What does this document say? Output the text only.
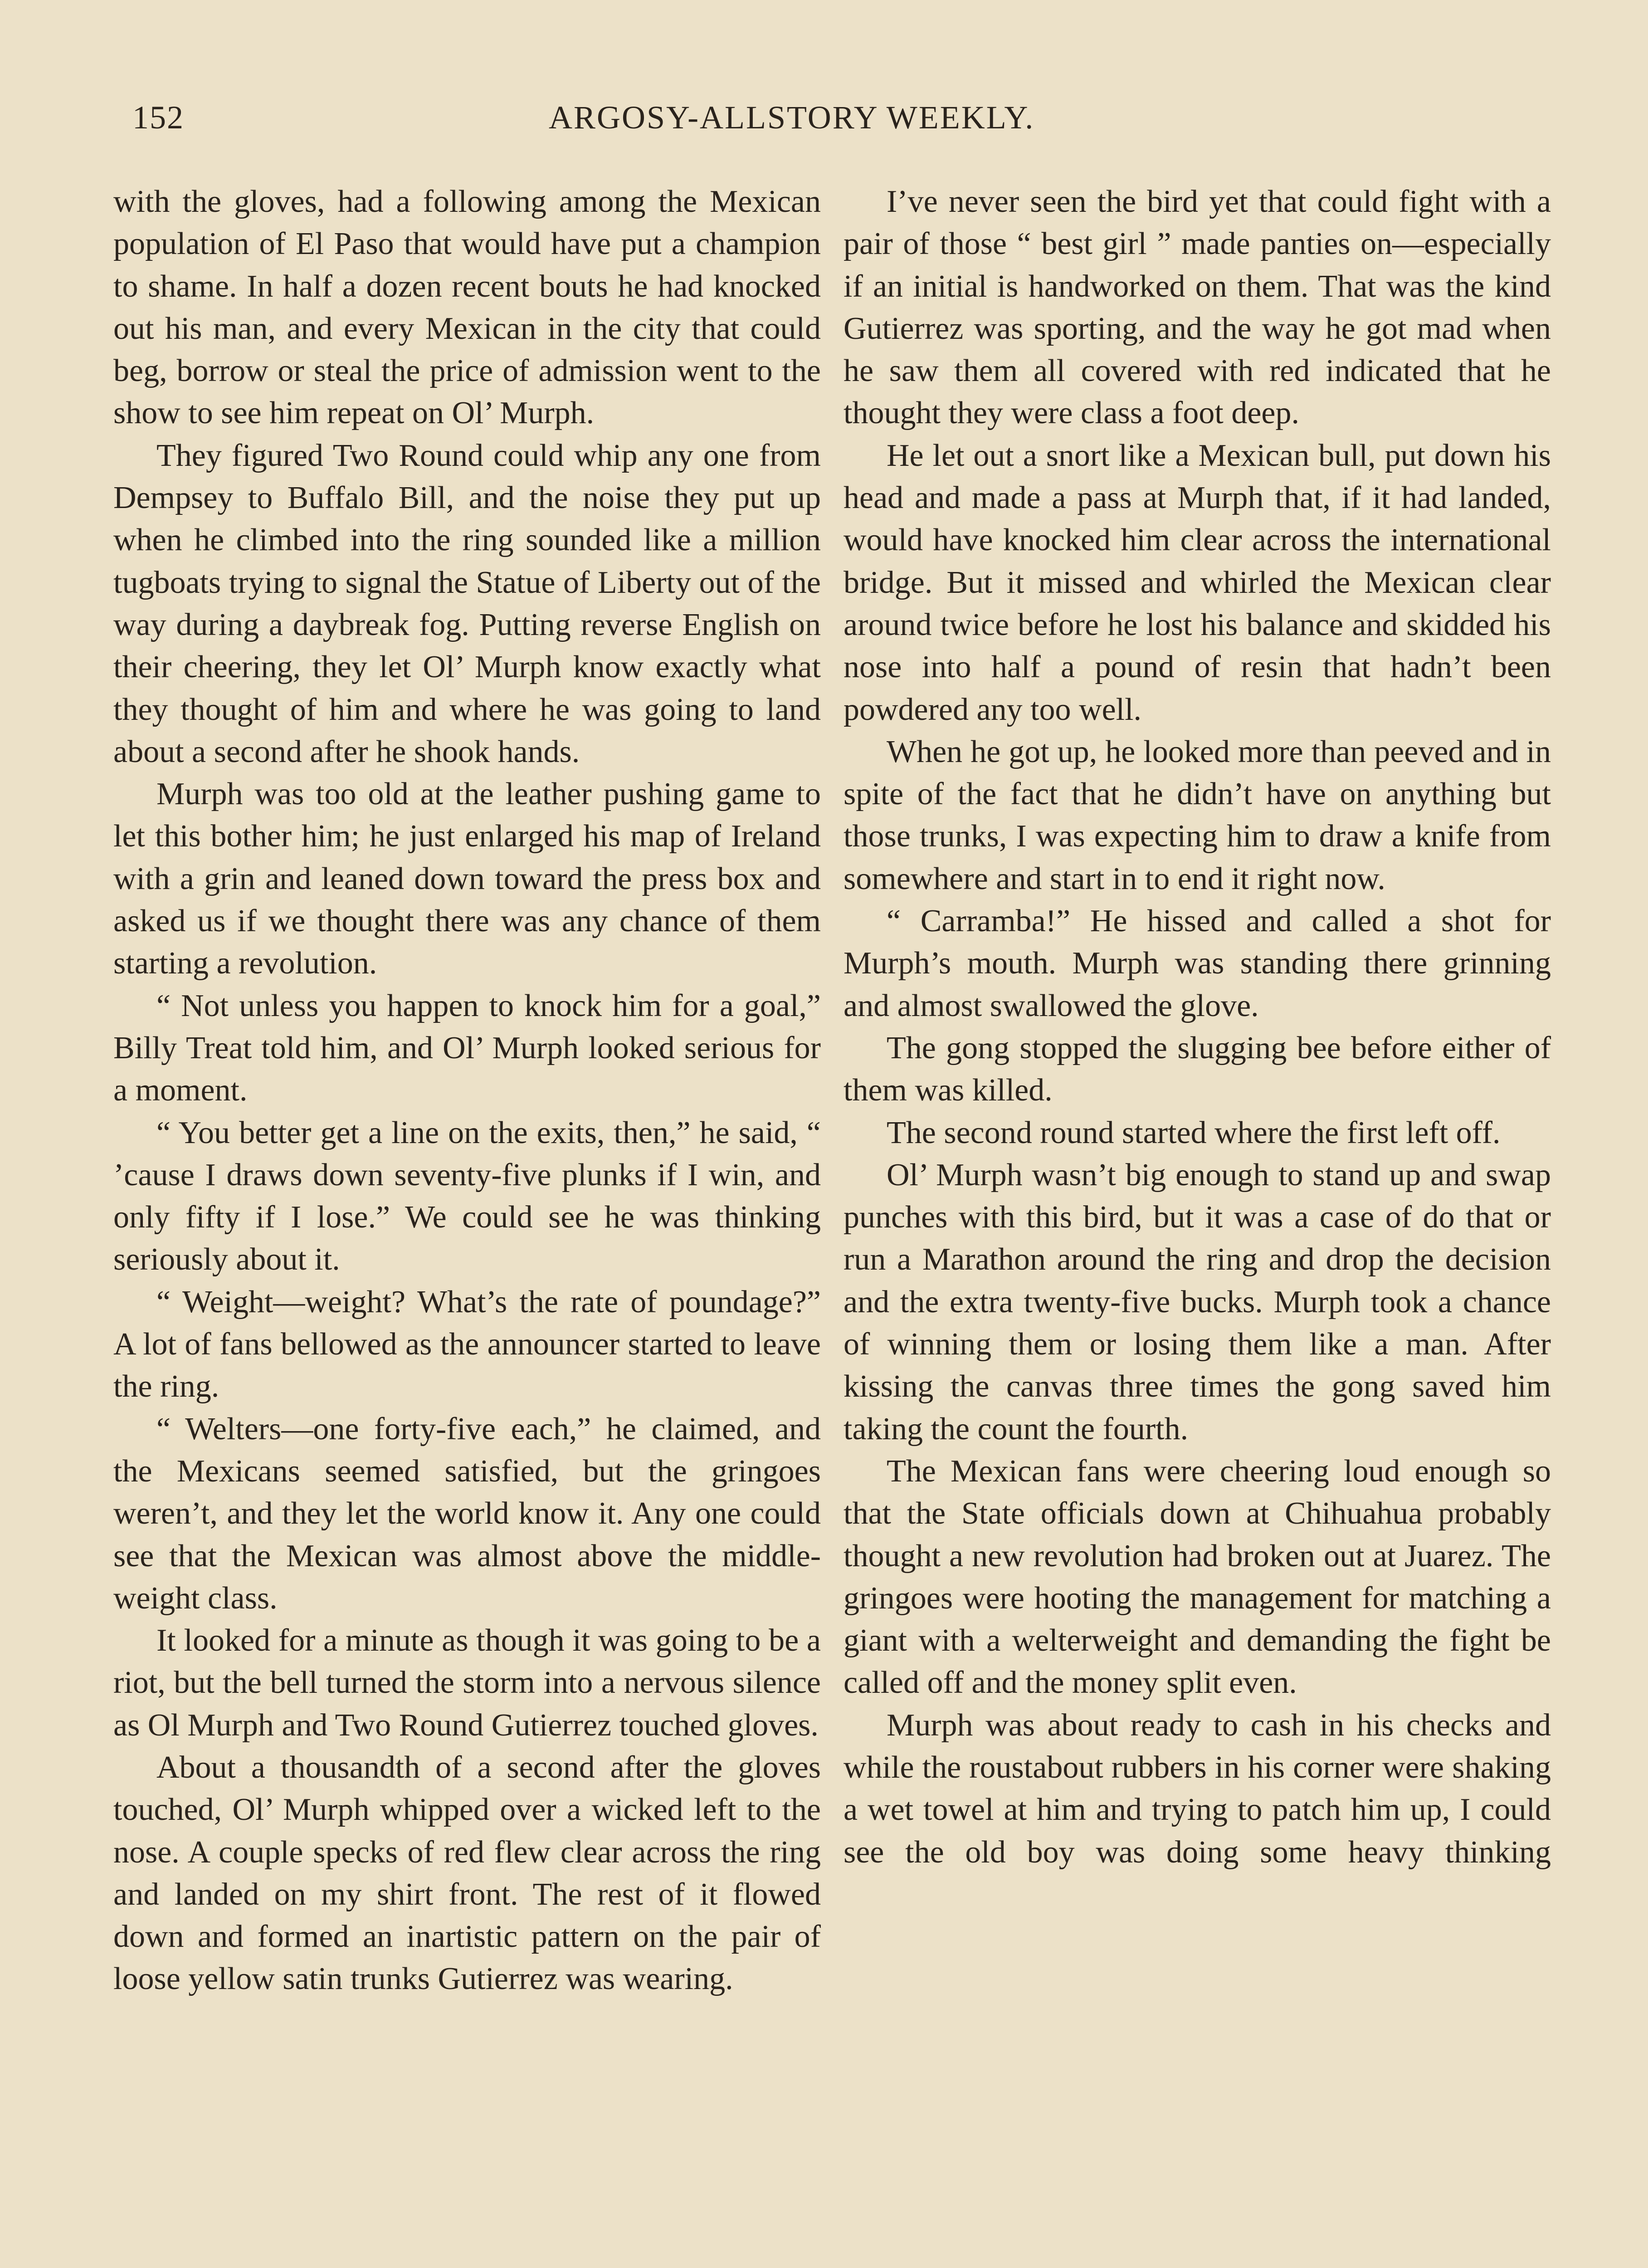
152	ARGOSY-ALLSTORY WEEKLY.

with the gloves, had a following among the Mexican population of El Paso that would have put a champion to shame. In half a dozen recent bouts he had knocked out his man, and every Mexican in the city that could beg, borrow or steal the price of admission went to the show to see him repeat on Ol’ Murph.

They figured Two Round could whip any one from Dempsey to Buffalo Bill, and the noise they put up when he climbed into the ring sounded like a million tugboats trying to signal the Statue of Liberty out of the way during a daybreak fog. Putting reverse English on their cheering, they let Ol’ Murph know exactly what they thought of him and where he was going to land about a second after he shook hands.

Murph was too old at the leather pushing game to let this bother him; he just enlarged his map of Ireland with a grin and leaned down toward the press box and asked us if we thought there was any chance of them starting a revolution.

“ Not unless you happen to knock him for a goal,” Billy Treat told him, and Ol’ Murph looked serious for a moment.

“ You better get a line on the exits, then,” he said, “ ’cause I draws down seventy-five plunks if I win, and only fifty if I lose.” We could see he was thinking seriously about it.

“ Weight—weight? What’s the rate of poundage?” A lot of fans bellowed as the announcer started to leave the ring.

“ Welters—one forty-five each,” he claimed, and the Mexicans seemed satisfied, but the gringoes weren’t, and they let the world know it. Any one could see that the Mexican was almost above the middleweight class.

It looked for a minute as though it was going to be a riot, but the bell turned the storm into a nervous silence as Ol Murph and Two Round Gutierrez touched gloves.

About a thousandth of a second after the gloves touched, Ol’ Murph whipped over a wicked left to the nose. A couple specks of red flew clear across the ring and landed on my shirt front. The rest of it flowed down and formed an inartistic pattern on the pair of loose yellow satin trunks Gutierrez was wearing.

I’ve never seen the bird yet that could fight with a pair of those “ best girl ” made panties on—especially if an initial is handworked on them. That was the kind Gutierrez was sporting, and the way he got mad when he saw them all covered with red indicated that he thought they were class a foot deep.

He let out a snort like a Mexican bull, put down his head and made a pass at Murph that, if it had landed, would have knocked him clear across the international bridge. But it missed and whirled the Mexican clear around twice before he lost his balance and skidded his nose into half a pound of resin that hadn’t been powdered any too well.

When he got up, he looked more than peeved and in spite of the fact that he didn’t have on anything but those trunks, I was expecting him to draw a knife from somewhere and start in to end it right now.

“ Carramba!” He hissed and called a shot for Murph’s mouth. Murph was standing there grinning and almost swallowed the glove.

The gong stopped the slugging bee before either of them was killed.

The second round started where the first left off.

Ol’ Murph wasn’t big enough to stand up and swap punches with this bird, but it was a case of do that or run a Marathon around the ring and drop the decision and the extra twenty-five bucks. Murph took a chance of winning them or losing them like a man. After kissing the canvas three times the gong saved him taking the count the fourth.

The Mexican fans were cheering loud enough so that the State officials down at Chihuahua probably thought a new revolution had broken out at Juarez. The gringoes were hooting the management for matching a giant with a welterweight and demanding the fight be called off and the money split even.

Murph was about ready to cash in his checks and while the roustabout rubbers in his corner were shaking a wet towel at him and trying to patch him up, I could see the old boy was doing some heavy thinking
